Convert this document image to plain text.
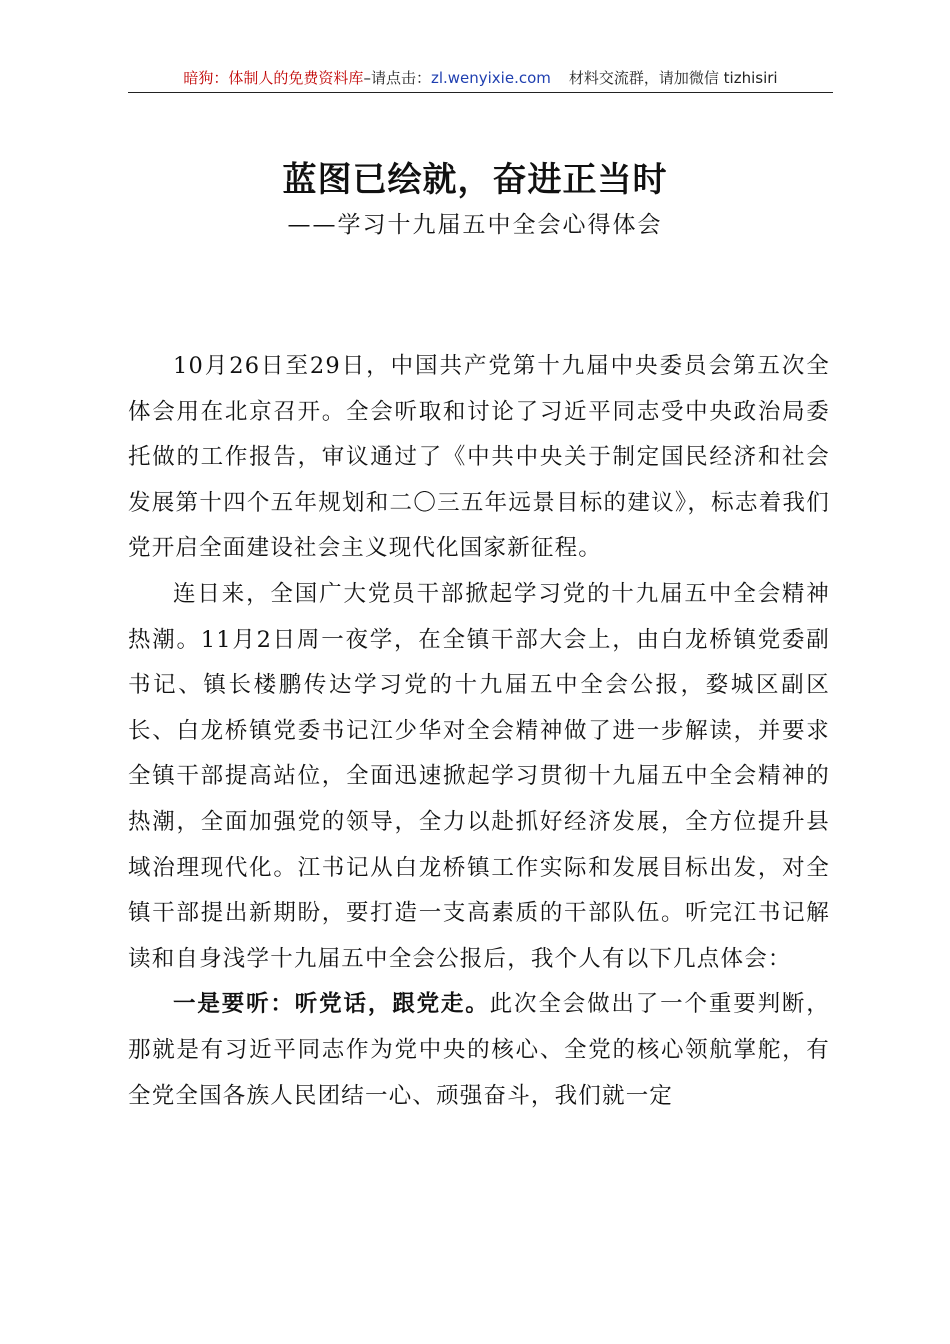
暗狗：体制人的免费资料库–请点击：zl.wenyixie.com 材料交流群，请加微信 tizhisiri
蓝图已绘就，奋进正当时
——学习十九届五中全会心得体会

10月26日至29日，中国共产党第十九届中央委员会第五次全体会用在北京召开。全会听取和讨论了习近平同志受中央政治局委托做的工作报告，审议通过了《中共中央关于制定国民经济和社会发展第十四个五年规划和二〇三五年远景目标的建议》，标志着我们党开启全面建设社会主义现代化国家新征程。

连日来，全国广大党员干部掀起学习党的十九届五中全会精神热潮。11月2日周一夜学，在全镇干部大会上，由白龙桥镇党委副书记、镇长楼鹏传达学习党的十九届五中全会公报，婺城区副区长、白龙桥镇党委书记江少华对全会精神做了进一步解读，并要求全镇干部提高站位，全面迅速掀起学习贯彻十九届五中全会精神的热潮，全面加强党的领导，全力以赴抓好经济发展，全方位提升县域治理现代化。江书记从白龙桥镇工作实际和发展目标出发，对全镇干部提出新期盼，要打造一支高素质的干部队伍。听完江书记解读和自身浅学十九届五中全会公报后，我个人有以下几点体会：

一是要听：听党话，跟党走。此次全会做出了一个重要判断，那就是有习近平同志作为党中央的核心、全党的核心领航掌舵，有全党全国各族人民团结一心、顽强奋斗，我们就一定
